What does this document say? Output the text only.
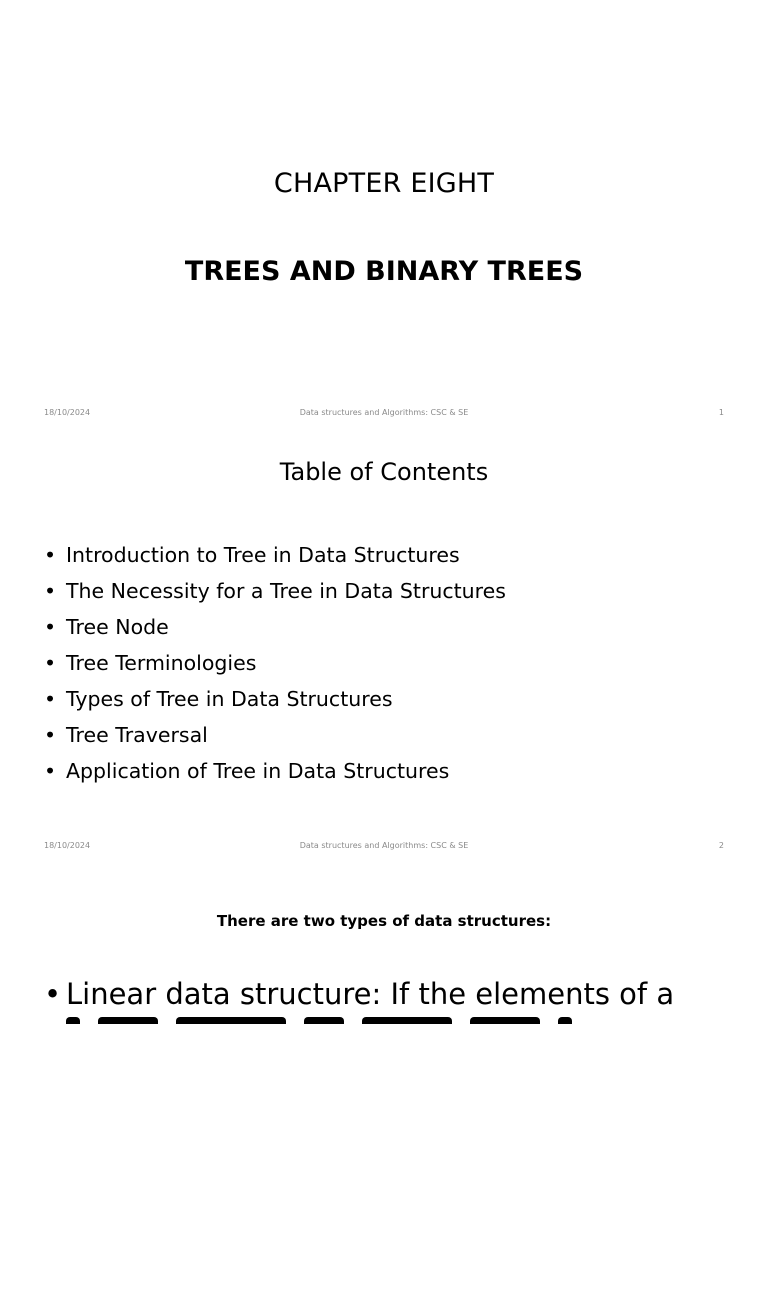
CHAPTER EIGHT
TREES AND BINARY TREES
18/10/2024	Data structures and Algorithms: CSC & SE	1
Table of Contents
• Introduction to Tree in Data Structures
• The Necessity for a Tree in Data Structures
• Tree Node
• Tree Terminologies
• Types of Tree in Data Structures
• Tree Traversal
• Application of Tree in Data Structures
18/10/2024	Data structures and Algorithms: CSC & SE	2
There are two types of data structures:
• Linear data structure: If the elements of a
